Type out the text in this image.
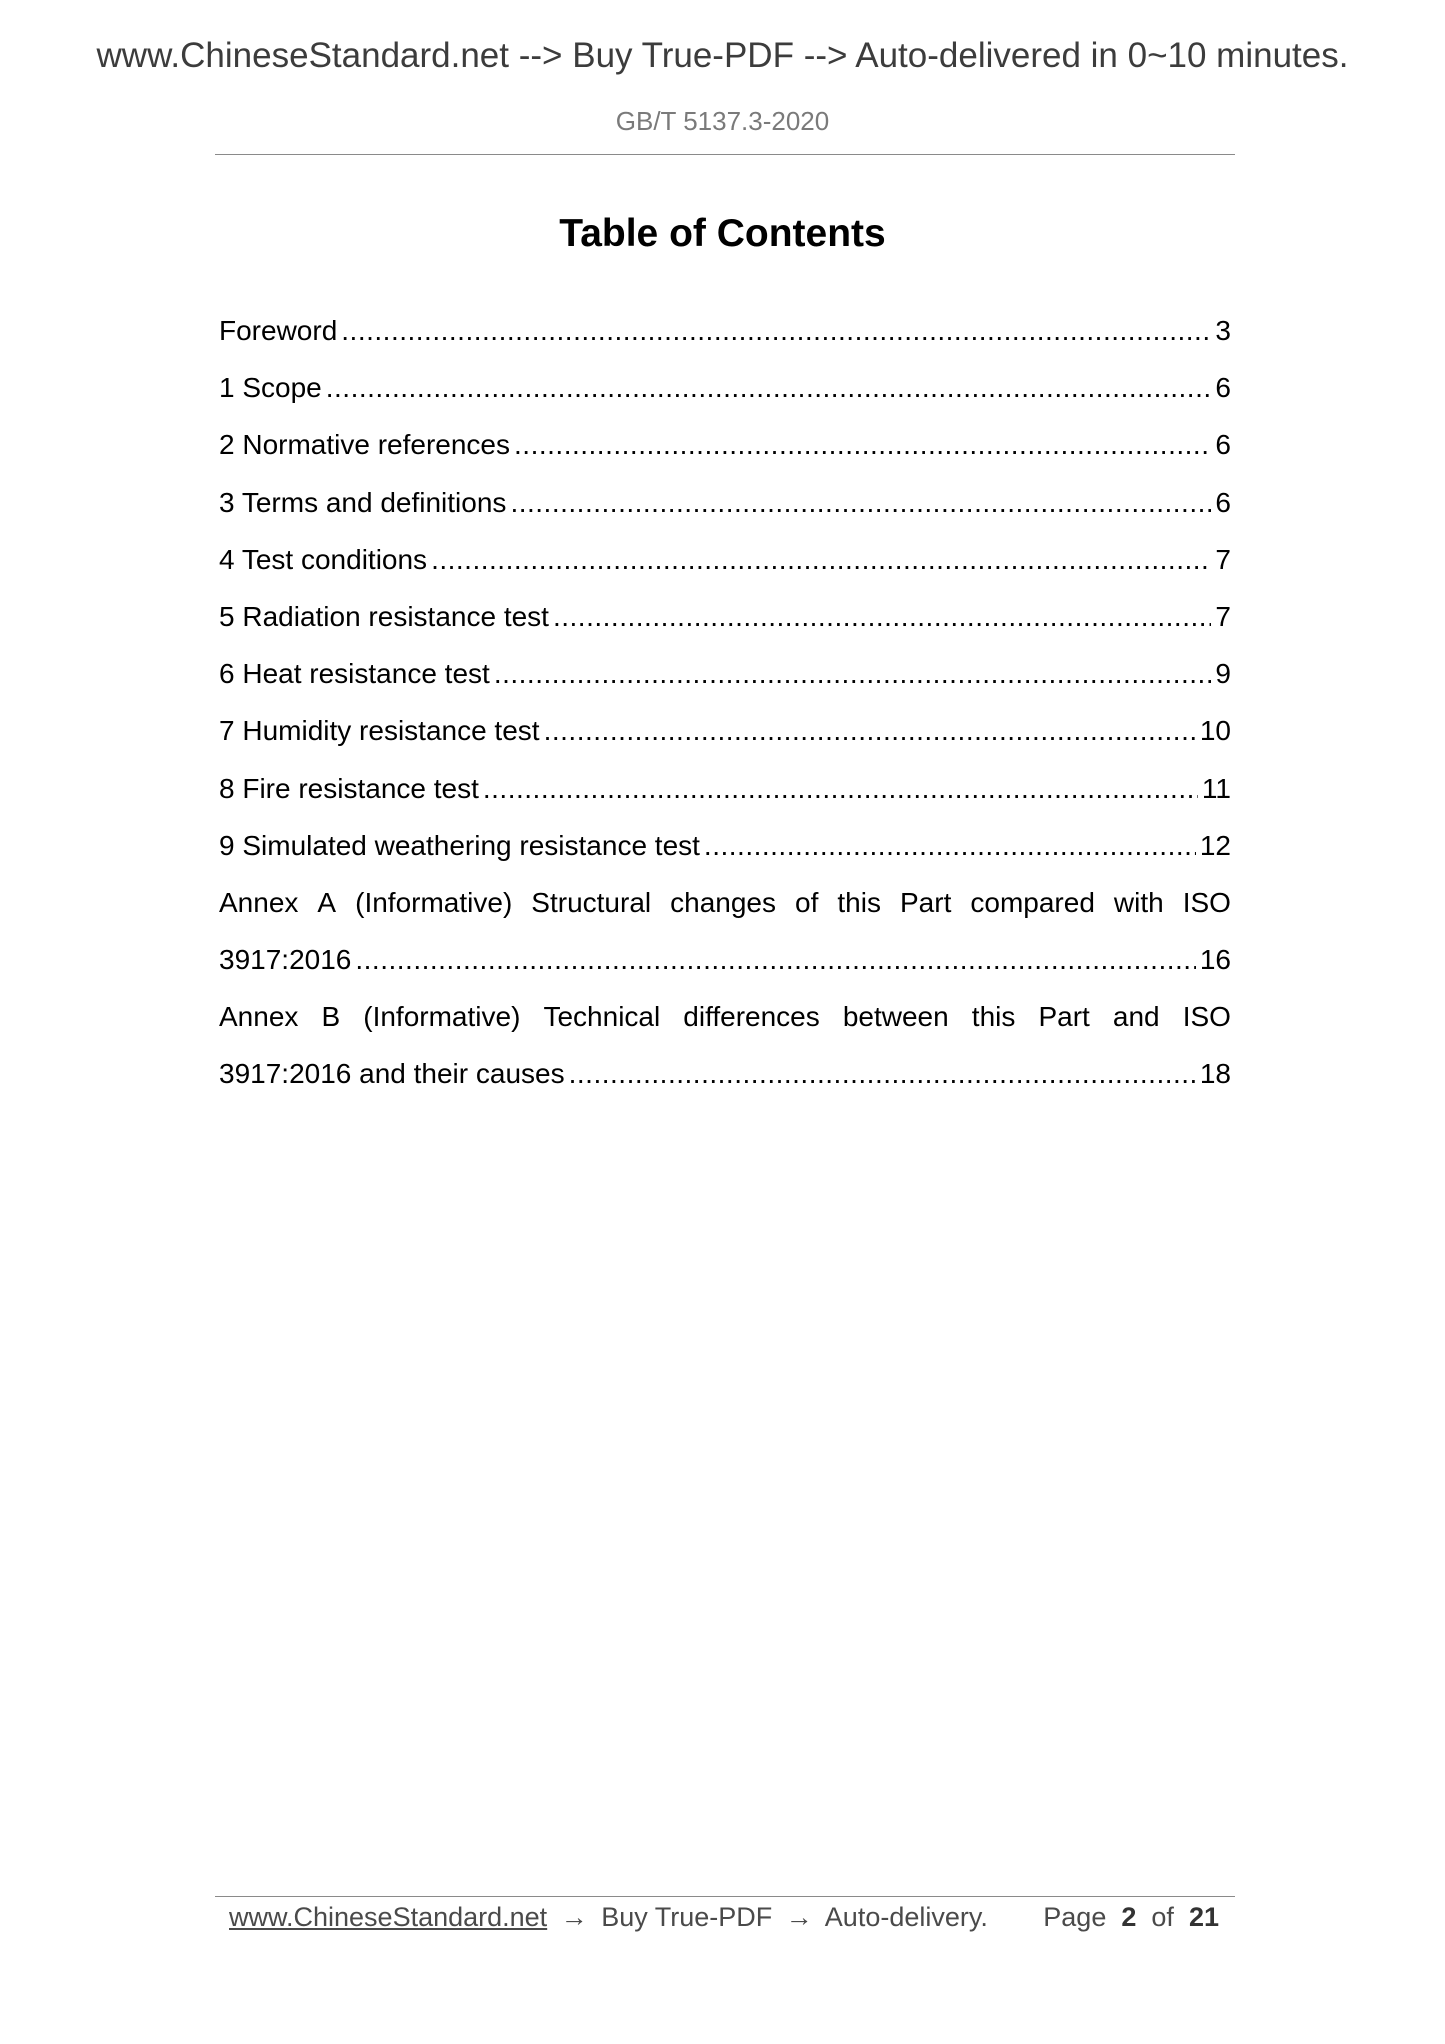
www.ChineseStandard.net --> Buy True-PDF --> Auto-delivered in 0~10 minutes.
GB/T 5137.3-2020
Table of Contents
Foreword .....	3
1 Scope .....	6
2 Normative references .....	6
3 Terms and definitions .....	6
4 Test conditions .....	7
5 Radiation resistance test .....	7
6 Heat resistance test .....	9
7 Humidity resistance test .....	10
8 Fire resistance test .....	11
9 Simulated weathering resistance test .....	12
Annex A (Informative) Structural changes of this Part compared with ISO
3917:2016 .....	16
Annex B (Informative) Technical differences between this Part and ISO
3917:2016 and their causes .....	18
www.ChineseStandard.net → Buy True-PDF → Auto-delivery. Page 2 of 21
